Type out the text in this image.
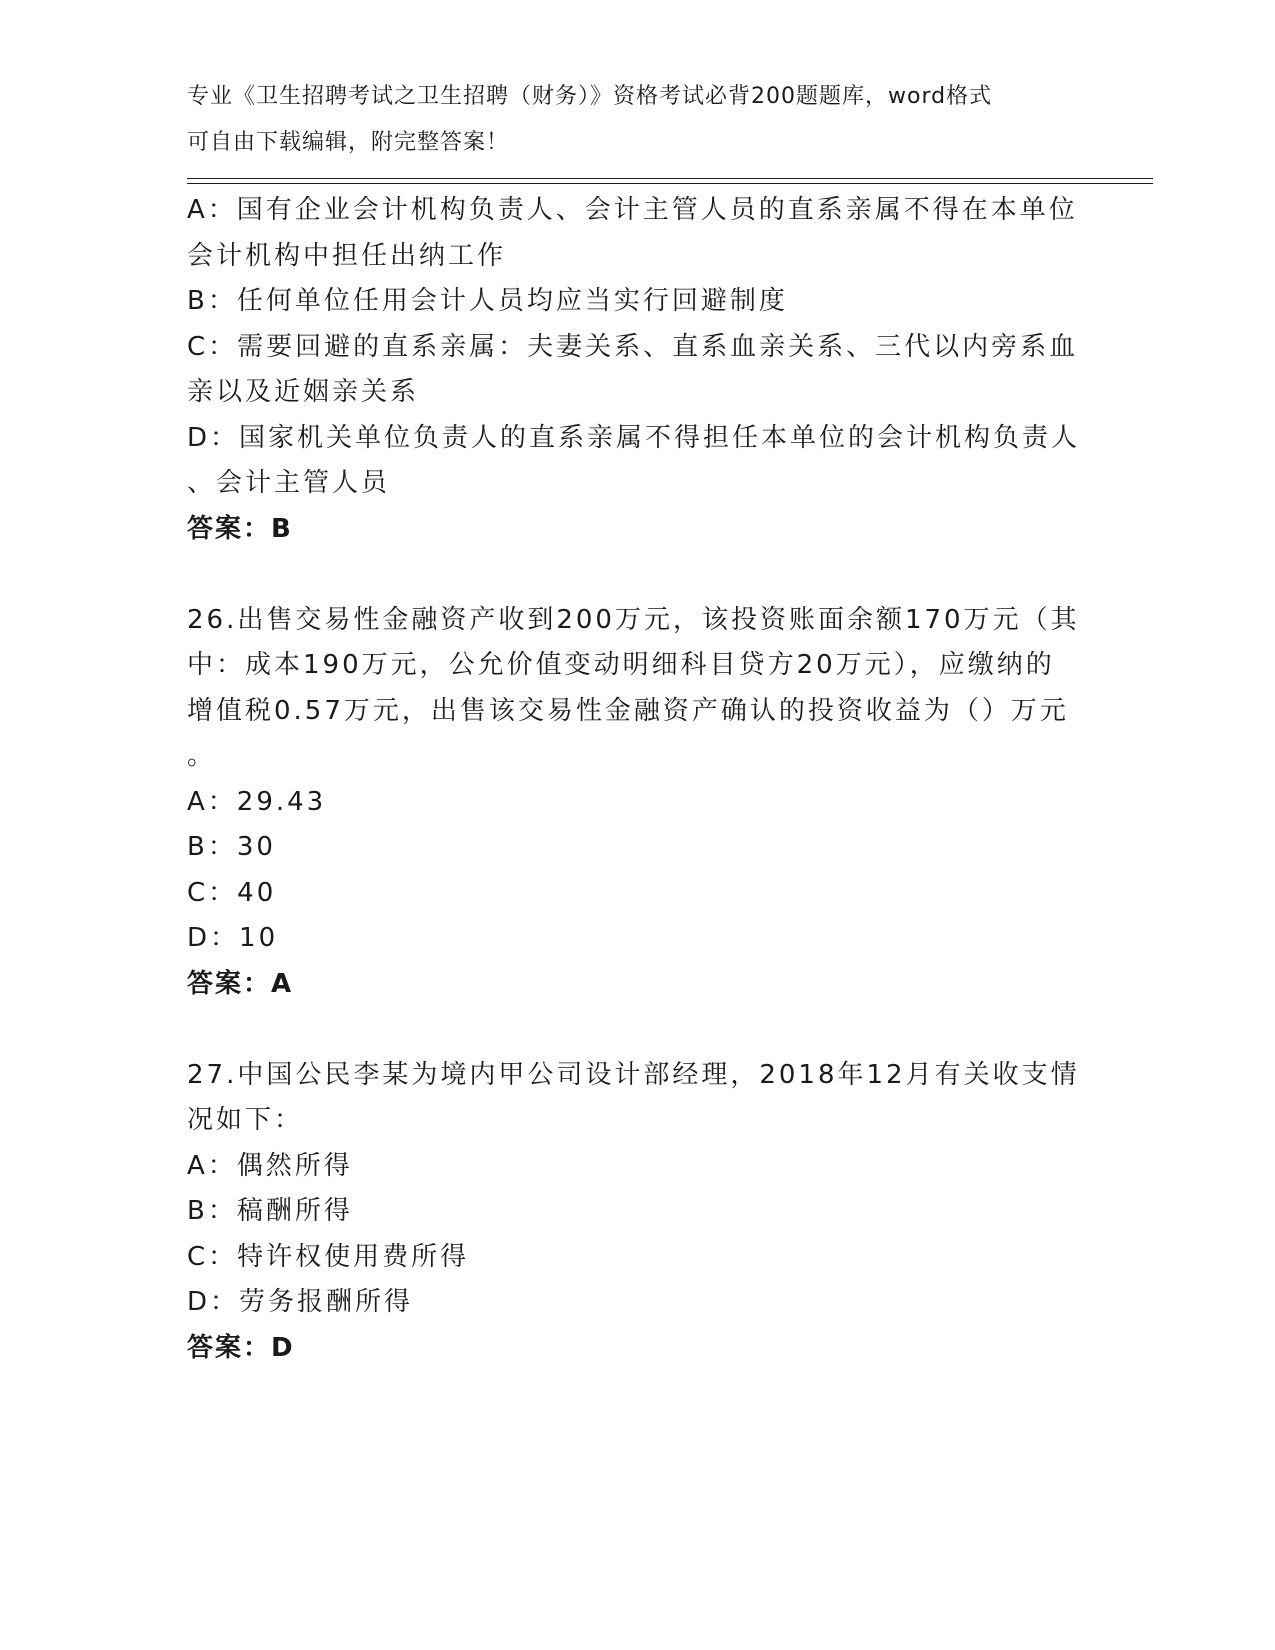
专业《卫生招聘考试之卫生招聘（财务）》资格考试必背200题题库，word格式
可自由下载编辑，附完整答案！
A：国有企业会计机构负责人、会计主管人员的直系亲属不得在本单位
会计机构中担任出纳工作
B：任何单位任用会计人员均应当实行回避制度
C：需要回避的直系亲属：夫妻关系、直系血亲关系、三代以内旁系血
亲以及近姻亲关系
D：国家机关单位负责人的直系亲属不得担任本单位的会计机构负责人
、会计主管人员
答案：B
26.出售交易性金融资产收到200万元，该投资账面余额170万元（其
中：成本190万元，公允价值变动明细科目贷方20万元），应缴纳的
增值税0.57万元，出售该交易性金融资产确认的投资收益为（）万元
。
A：29.43
B：30
C：40
D：10
答案：A
27.中国公民李某为境内甲公司设计部经理，2018年12月有关收支情
况如下：
A：偶然所得
B：稿酬所得
C：特许权使用费所得
D：劳务报酬所得
答案：D
